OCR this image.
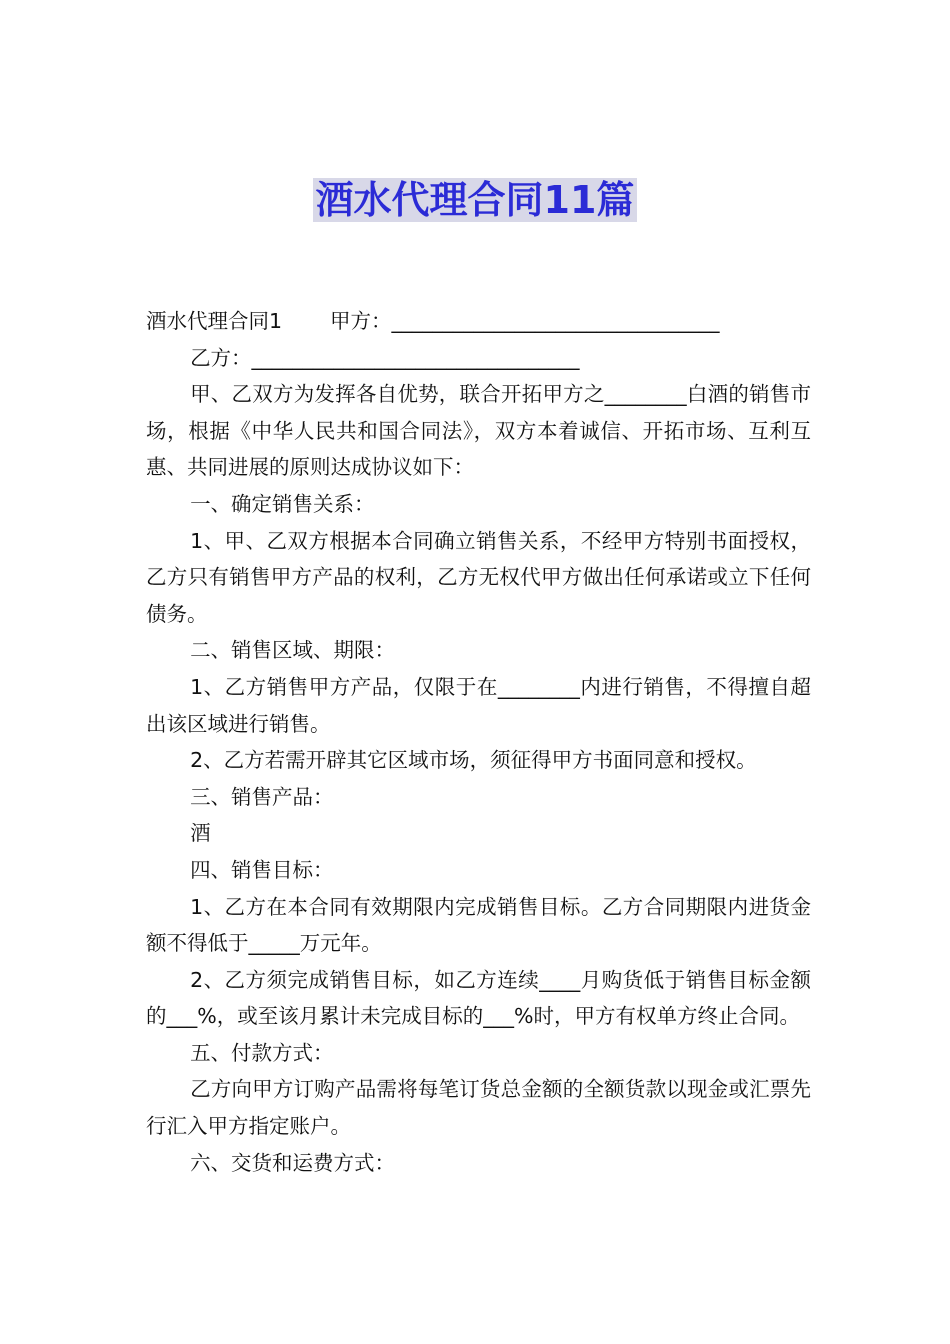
酒水代理合同11篇

酒水代理合同1 甲方：________________________________

乙方：________________________________

甲、乙双方为发挥各自优势，联合开拓甲方之________白酒的销售市场，根据《中华人民共和国合同法》，双方本着诚信、开拓市场、互利互惠、共同进展的原则达成协议如下：

一、确定销售关系：

1、甲、乙双方根据本合同确立销售关系，不经甲方特别书面授权，乙方只有销售甲方产品的权利，乙方无权代甲方做出任何承诺或立下任何债务。

二、销售区域、期限：

1、乙方销售甲方产品，仅限于在________内进行销售，不得擅自超出该区域进行销售。

2、乙方若需开辟其它区域市场，须征得甲方书面同意和授权。

三、销售产品：

酒

四、销售目标：

1、乙方在本合同有效期限内完成销售目标。乙方合同期限内进货金额不得低于_____万元年。

2、乙方须完成销售目标，如乙方连续____月购货低于销售目标金额的___%，或至该月累计未完成目标的___%时，甲方有权单方终止合同。

五、付款方式：

乙方向甲方订购产品需将每笔订货总金额的全额货款以现金或汇票先行汇入甲方指定账户。

六、交货和运费方式：
